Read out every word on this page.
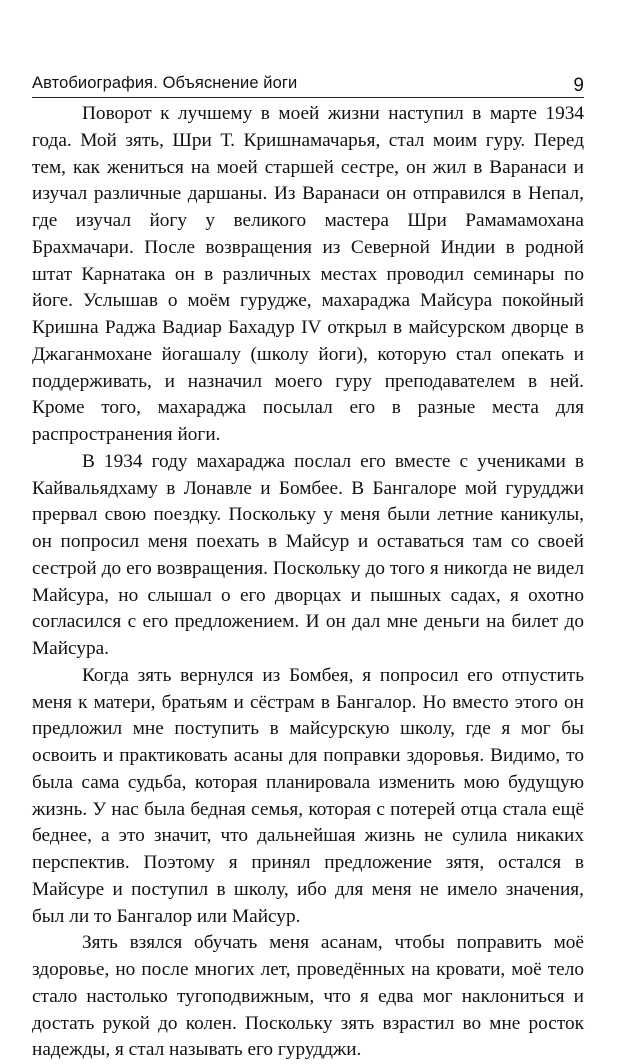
Автобиография. Объяснение йоги	9

Поворот к лучшему в моей жизни наступил в марте 1934 года. Мой зять, Шри Т. Кришнамачарья, стал моим гуру. Перед тем, как жениться на моей старшей сестре, он жил в Варанаси и изучал различные даршаны. Из Варанаси он отправился в Непал, где изучал йогу у великого мастера Шри Рамамамохана Брахмачари. После возвращения из Северной Индии в родной штат Карнатака он в различных местах проводил семинары по йоге. Услышав о моём гурудже, махараджа Майсура покойный Кришна Раджа Вадиар Бахадур IV открыл в майсурском дворце в Джаганмохане йогашалу (школу йоги), которую стал опекать и поддерживать, и назначил моего гуру преподавателем в ней. Кроме того, махараджа посылал его в разные места для распространения йоги.

В 1934 году махараджа послал его вместе с учениками в Кайвальядхаму в Лонавле и Бомбее. В Бангалоре мой гурудджи прервал свою поездку. Поскольку у меня были летние каникулы, он попросил меня поехать в Майсур и оставаться там со своей сестрой до его возвращения. Поскольку до того я никогда не видел Майсура, но слышал о его дворцах и пышных садах, я охотно согласился с его предложением. И он дал мне деньги на билет до Майсура.

Когда зять вернулся из Бомбея, я попросил его отпустить меня к матери, братьям и сёстрам в Бангалор. Но вместо этого он предложил мне поступить в майсурскую школу, где я мог бы освоить и практиковать асаны для поправки здоровья. Видимо, то была сама судьба, которая планировала изменить мою будущую жизнь. У нас была бедная семья, которая с потерей отца стала ещё беднее, а это значит, что дальнейшая жизнь не сулила никаких перспектив. Поэтому я принял предложение зятя, остался в Майсуре и поступил в школу, ибо для меня не имело значения, был ли то Бангалор или Майсур.

Зять взялся обучать меня асанам, чтобы поправить моё здоровье, но после многих лет, проведённых на кровати, моё тело стало настолько тугоподвижным, что я едва мог наклониться и достать рукой до колен. Поскольку зять взрастил во мне росток надежды, я стал называть его гурудджи.
